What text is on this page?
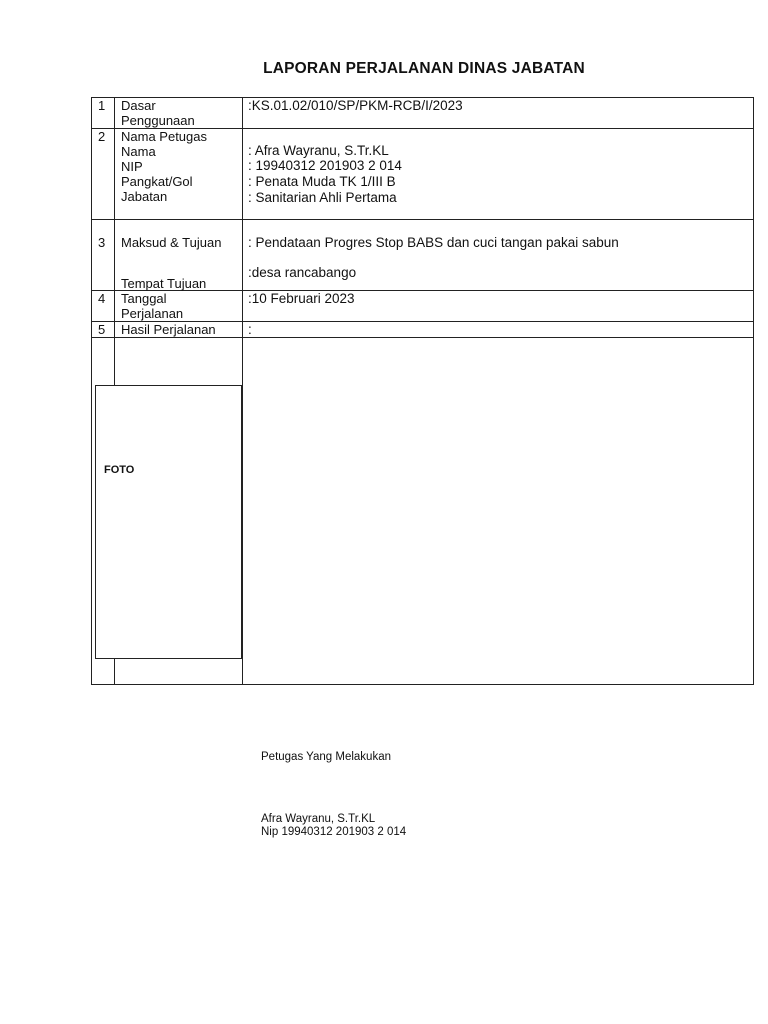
LAPORAN PERJALANAN DINAS JABATAN
1 Dasar
Penggunaan
:KS.01.02/010/SP/PKM-RCB/I/2023
2 Nama Petugas
Nama
NIP
Pangkat/Gol
Jabatan
: Afra Wayranu, S.Tr.KL
: 19940312 201903 2 014
: Penata Muda TK 1/III B
: Sanitarian Ahli Pertama
3 Maksud & Tujuan
Tempat Tujuan
: Pendataan Progres Stop BABS dan cuci tangan pakai sabun
:desa rancabango
4 Tanggal
Perjalanan
:10 Februari 2023
5 Hasil Perjalanan :
FOTO
Petugas Yang Melakukan
Afra Wayranu, S.Tr.KL
Nip 19940312 201903 2 014
